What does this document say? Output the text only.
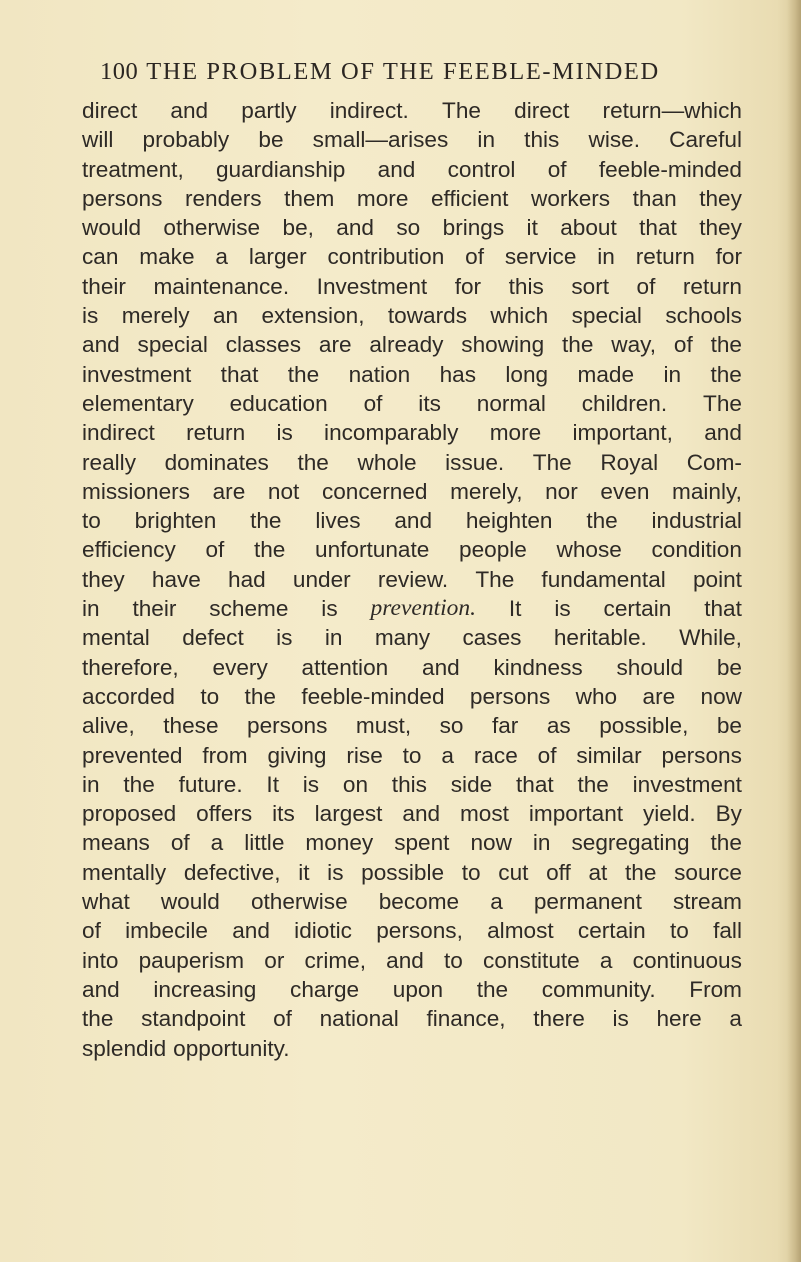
100 THE PROBLEM OF THE FEEBLE-MINDED
direct and partly indirect. The direct return—which
will probably be small—arises in this wise. Careful
treatment, guardianship and control of feeble-minded
persons renders them more efficient workers than they
would otherwise be, and so brings it about that they
can make a larger contribution of service in return for
their maintenance. Investment for this sort of return
is merely an extension, towards which special schools
and special classes are already showing the way, of the
investment that the nation has long made in the
elementary education of its normal children. The
indirect return is incomparably more important, and
really dominates the whole issue. The Royal Com-
missioners are not concerned merely, nor even mainly,
to brighten the lives and heighten the industrial
efficiency of the unfortunate people whose condition
they have had under review. The fundamental point
in their scheme is prevention. It is certain that
mental defect is in many cases heritable. While,
therefore, every attention and kindness should be
accorded to the feeble-minded persons who are now
alive, these persons must, so far as possible, be
prevented from giving rise to a race of similar persons
in the future. It is on this side that the investment
proposed offers its largest and most important yield. By
means of a little money spent now in segregating the
mentally defective, it is possible to cut off at the source
what would otherwise become a permanent stream
of imbecile and idiotic persons, almost certain to fall
into pauperism or crime, and to constitute a continuous
and increasing charge upon the community. From
the standpoint of national finance, there is here a
splendid opportunity.
